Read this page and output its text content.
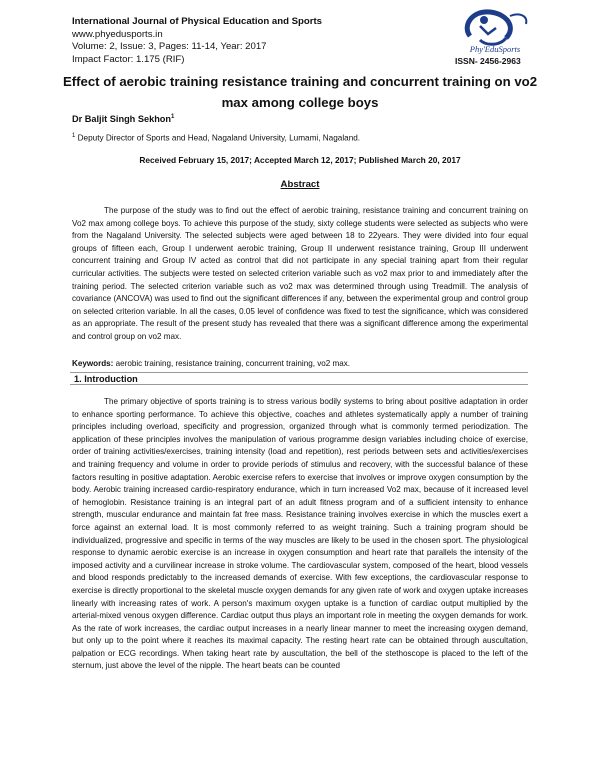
International Journal of Physical Education and Sports
www.phyedusports.in
Volume: 2, Issue: 3, Pages: 11-14, Year: 2017
Impact Factor: 1.175 (RIF)
Phy'EduSports
ISSN- 2456-2963
Effect of aerobic training resistance training and concurrent training on vo2 max among college boys
Dr Baljit Singh Sekhon$^1$
$^1$ Deputy Director of Sports and Head, Nagaland University, Lumami, Nagaland.
Received February 15, 2017; Accepted March 12, 2017; Published March 20, 2017
Abstract
The purpose of the study was to find out the effect of aerobic training, resistance training and concurrent training on Vo2 max among college boys. To achieve this purpose of the study, sixty college students were selected as subjects who were from the Nagaland University. The selected subjects were aged between 18 to 22years. They were divided into four equal groups of fifteen each, Group I underwent aerobic training, Group II underwent resistance training, Group III underwent concurrent training and Group IV acted as control that did not participate in any special training apart from their regular curricular activities. The subjects were tested on selected criterion variable such as vo2 max prior to and immediately after the training period. The selected criterion variable such as vo2 max was determined through using Treadmill. The analysis of covariance (ANCOVA) was used to find out the significant differences if any, between the experimental group and control group on selected criterion variable. In all the cases, 0.05 level of confidence was fixed to test the significance, which was considered as an appropriate. The result of the present study has revealed that there was a significant difference among the experimental and control group on vo2 max.
Keywords: aerobic training, resistance training, concurrent training, vo2 max.
1. Introduction
The primary objective of sports training is to stress various bodily systems to bring about positive adaptation in order to enhance sporting performance. To achieve this objective, coaches and athletes systematically apply a number of training principles including overload, specificity and progression, organized through what is commonly termed periodization. The application of these principles involves the manipulation of various programme design variables including choice of exercise, order of training activities/exercises, training intensity (load and repetition), rest periods between sets and activities/exercises and training frequency and volume in order to provide periods of stimulus and recovery, with the successful balance of these factors resulting in positive adaptation. Aerobic exercise refers to exercise that involves or improve oxygen consumption by the body. Aerobic training increased cardio-respiratory endurance, which in turn increased Vo2 max, because of it increased level of hemoglobin. Resistance training is an integral part of an adult fitness program and of a sufficient intensity to enhance strength, muscular endurance and maintain fat free mass. Resistance training involves exercise in which the muscles exert a force against an external load. It is most commonly referred to as weight training. Such a training program should be individualized, progressive and specific in terms of the way muscles are likely to be used in the chosen sport. The physiological response to dynamic aerobic exercise is an increase in oxygen consumption and heart rate that parallels the intensity of the imposed activity and a curvilinear increase in stroke volume. The cardiovascular system, composed of the heart, blood vessels and blood responds predictably to the increased demands of exercise. With few exceptions, the cardiovascular response to exercise is directly proportional to the skeletal muscle oxygen demands for any given rate of work and oxygen uptake increases linearly with increasing rates of work. A person's maximum oxygen uptake is a function of cardiac output multiplied by the arterial-mixed venous oxygen difference. Cardiac output thus plays an important role in meeting the oxygen demands for work. As the rate of work increases, the cardiac output increases in a nearly linear manner to meet the increasing oxygen demand, but only up to the point where it reaches its maximal capacity. The resting heart rate can be obtained through auscultation, palpation or ECG recordings. When taking heart rate by auscultation, the bell of the stethoscope is placed to the left of the sternum, just above the level of the nipple. The heart beats can be counted
